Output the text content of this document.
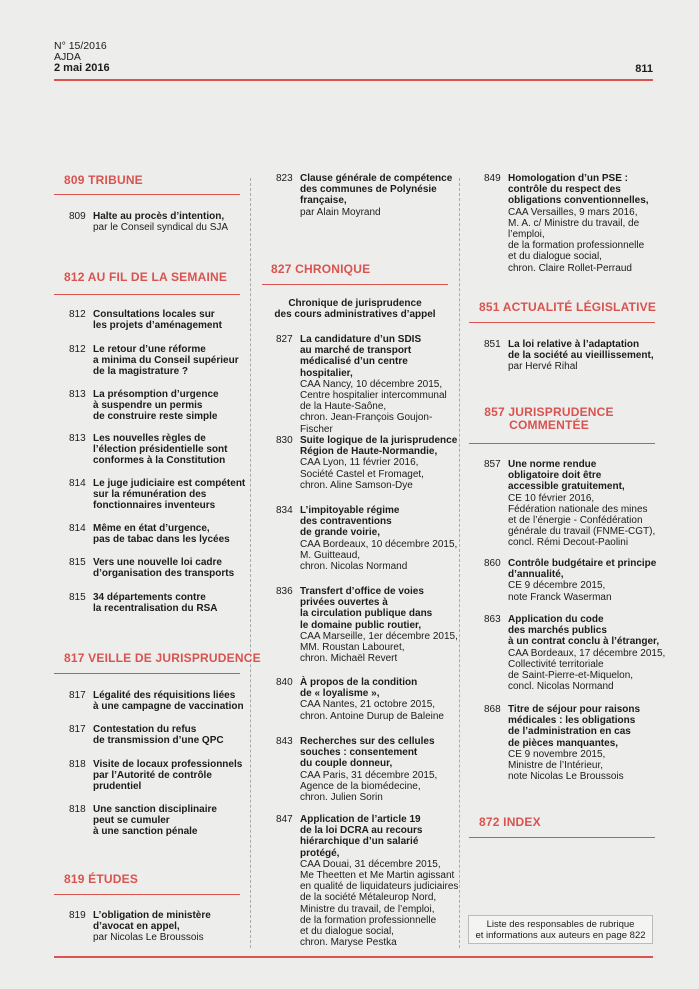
N° 15/2016
AJDA
2 mai 2016	811
809 TRIBUNE
812 AU FIL DE LA SEMAINE
817 VEILLE DE JURISPRUDENCE
819 ÉTUDES
827 CHRONIQUE
Chronique de jurisprudence
des cours administratives d’appel
851 ACTUALITÉ LÉGISLATIVE
857 JURISPRUDENCE
COMMENTÉE
872 INDEX
809 Halte au procès d’intention,
par le Conseil syndical du SJA
812 Consultations locales sur
les projets d’aménagement
812 Le retour d’une réforme
a minima du Conseil supérieur
de la magistrature ?
813 La présomption d’urgence
à suspendre un permis
de construire reste simple
813 Les nouvelles règles de
l’élection présidentielle sont
conformes à la Constitution
814 Le juge judiciaire est compétent
sur la rémunération des
fonctionnaires inventeurs
814 Même en état d’urgence,
pas de tabac dans les lycées
815 Vers une nouvelle loi cadre
d’organisation des transports
815 34 départements contre
la recentralisation du RSA
817 Légalité des réquisitions liées
à une campagne de vaccination
817 Contestation du refus
de transmission d’une QPC
818 Visite de locaux professionnels
par l’Autorité de contrôle
prudentiel
818 Une sanction disciplinaire
peut se cumuler
à une sanction pénale
819 L’obligation de ministère
d’avocat en appel,
par Nicolas Le Broussois
823 Clause générale de compétence
des communes de Polynésie
française,
par Alain Moyrand
827 La candidature d’un SDIS
au marché de transport
médicalisé d’un centre
hospitalier,
CAA Nancy, 10 décembre 2015,
Centre hospitalier intercommunal
de la Haute-Saône,
chron. Jean-François Goujon-Fischer
830 Suite logique de la jurisprudence
Région de Haute-Normandie,
CAA Lyon, 11 février 2016,
Société Castel et Fromaget,
chron. Aline Samson-Dye
834 L’impitoyable régime
des contraventions
de grande voirie,
CAA Bordeaux, 10 décembre 2015,
M. Guitteaud,
chron. Nicolas Normand
836 Transfert d’office de voies
privées ouvertes à
la circulation publique dans
le domaine public routier,
CAA Marseille, 1er décembre 2015,
MM. Roustan Labouret,
chron. Michaël Revert
840 À propos de la condition
de « loyalisme »,
CAA Nantes, 21 octobre 2015,
chron. Antoine Durup de Baleine
843 Recherches sur des cellules
souches : consentement
du couple donneur,
CAA Paris, 31 décembre 2015,
Agence de la biomédecine,
chron. Julien Sorin
847 Application de l’article 19
de la loi DCRA au recours
hiérarchique d’un salarié
protégé,
CAA Douai, 31 décembre 2015,
Me Theetten et Me Martin agissant
en qualité de liquidateurs judiciaires
de la société Métaleurop Nord,
Ministre du travail, de l’emploi,
de la formation professionnelle
et du dialogue social,
chron. Maryse Pestka
849 Homologation d’un PSE :
contrôle du respect des
obligations conventionnelles,
CAA Versailles, 9 mars 2016,
M. A. c/ Ministre du travail, de l’emploi,
de la formation professionnelle
et du dialogue social,
chron. Claire Rollet-Perraud
851 La loi relative à l’adaptation
de la société au vieillissement,
par Hervé Rihal
857 Une norme rendue
obligatoire doit être
accessible gratuitement,
CE 10 février 2016,
Fédération nationale des mines
et de l’énergie - Confédération
générale du travail (FNME-CGT),
concl. Rémi Decout-Paolini
860 Contrôle budgétaire et principe
d’annualité,
CE 9 décembre 2015,
note Franck Waserman
863 Application du code
des marchés publics
à un contrat conclu à l’étranger,
CAA Bordeaux, 17 décembre 2015,
Collectivité territoriale
de Saint-Pierre-et-Miquelon,
concl. Nicolas Normand
868 Titre de séjour pour raisons
médicales : les obligations
de l’administration en cas
de pièces manquantes,
CE 9 novembre 2015,
Ministre de l’Intérieur,
note Nicolas Le Broussois
Liste des responsables de rubrique
et informations aux auteurs en page 822
